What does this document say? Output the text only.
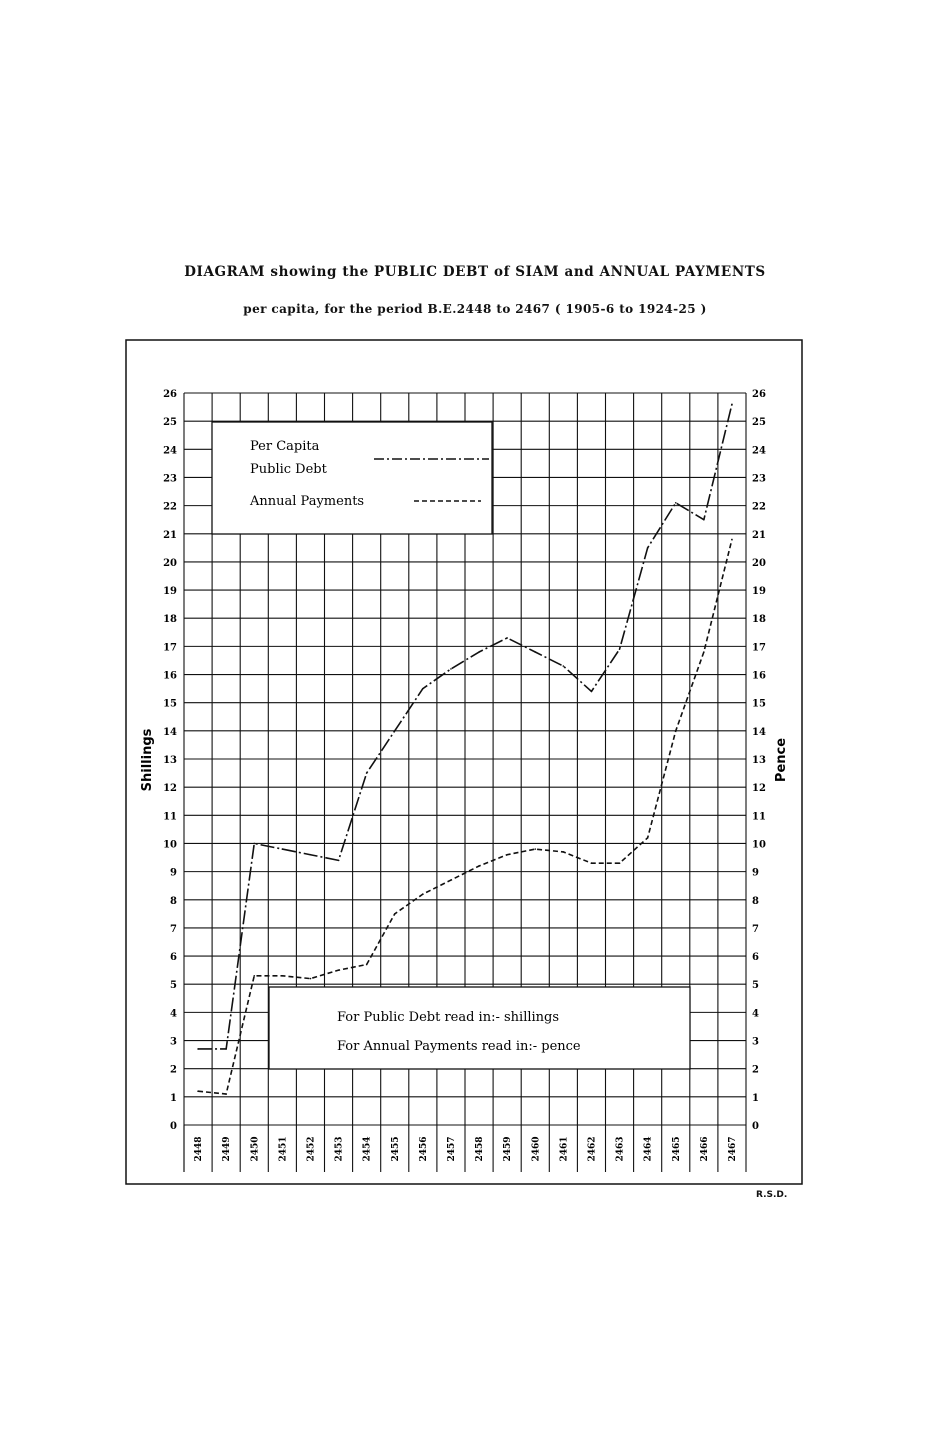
DIAGRAM showing the PUBLIC DEBT of SIAM and ANNUAL PAYMENTS
per capita, for the period B.E.2448 to 2467 ( 1905-6 to 1924-25 )
Per Capita
Public Debt
Annual Payments
For Public Debt read in:- shillings
For Annual Payments read in:- pence
0	0
1	1
2	2
3	3
4	4
5	5
6	6
7	7
8	8
9	9
10	10
11	11
12	12
13	13
14	14
15	15
16	16
17	17
18	18
19	19
20	20
21	21
22	22
23	23
24	24
25	25
26	26
2448 2449 2450 2451 2452 2453 2454 2455 2456 2457 2458 2459 2460 2461 2462 2463 2464 2465 2466 2467
Shillings	Pence
R.S.D.
